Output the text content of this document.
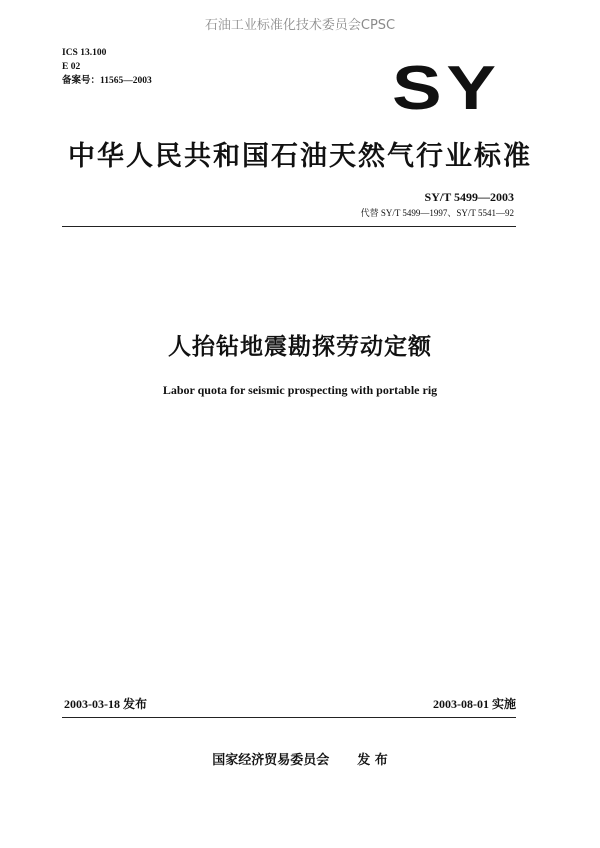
石油工业标准化技术委员会CPSC
ICS 13.100
E 02
备案号：11565—2003	SY
中华人民共和国石油天然气行业标准
SY/T 5499—2003
代替 SY/T 5499—1997、SY/T 5541—92
人抬钻地震勘探劳动定额
Labor quota for seismic prospecting with portable rig
2003-03-18 发布	2003-08-01 实施
国家经济贸易委员会 发 布
